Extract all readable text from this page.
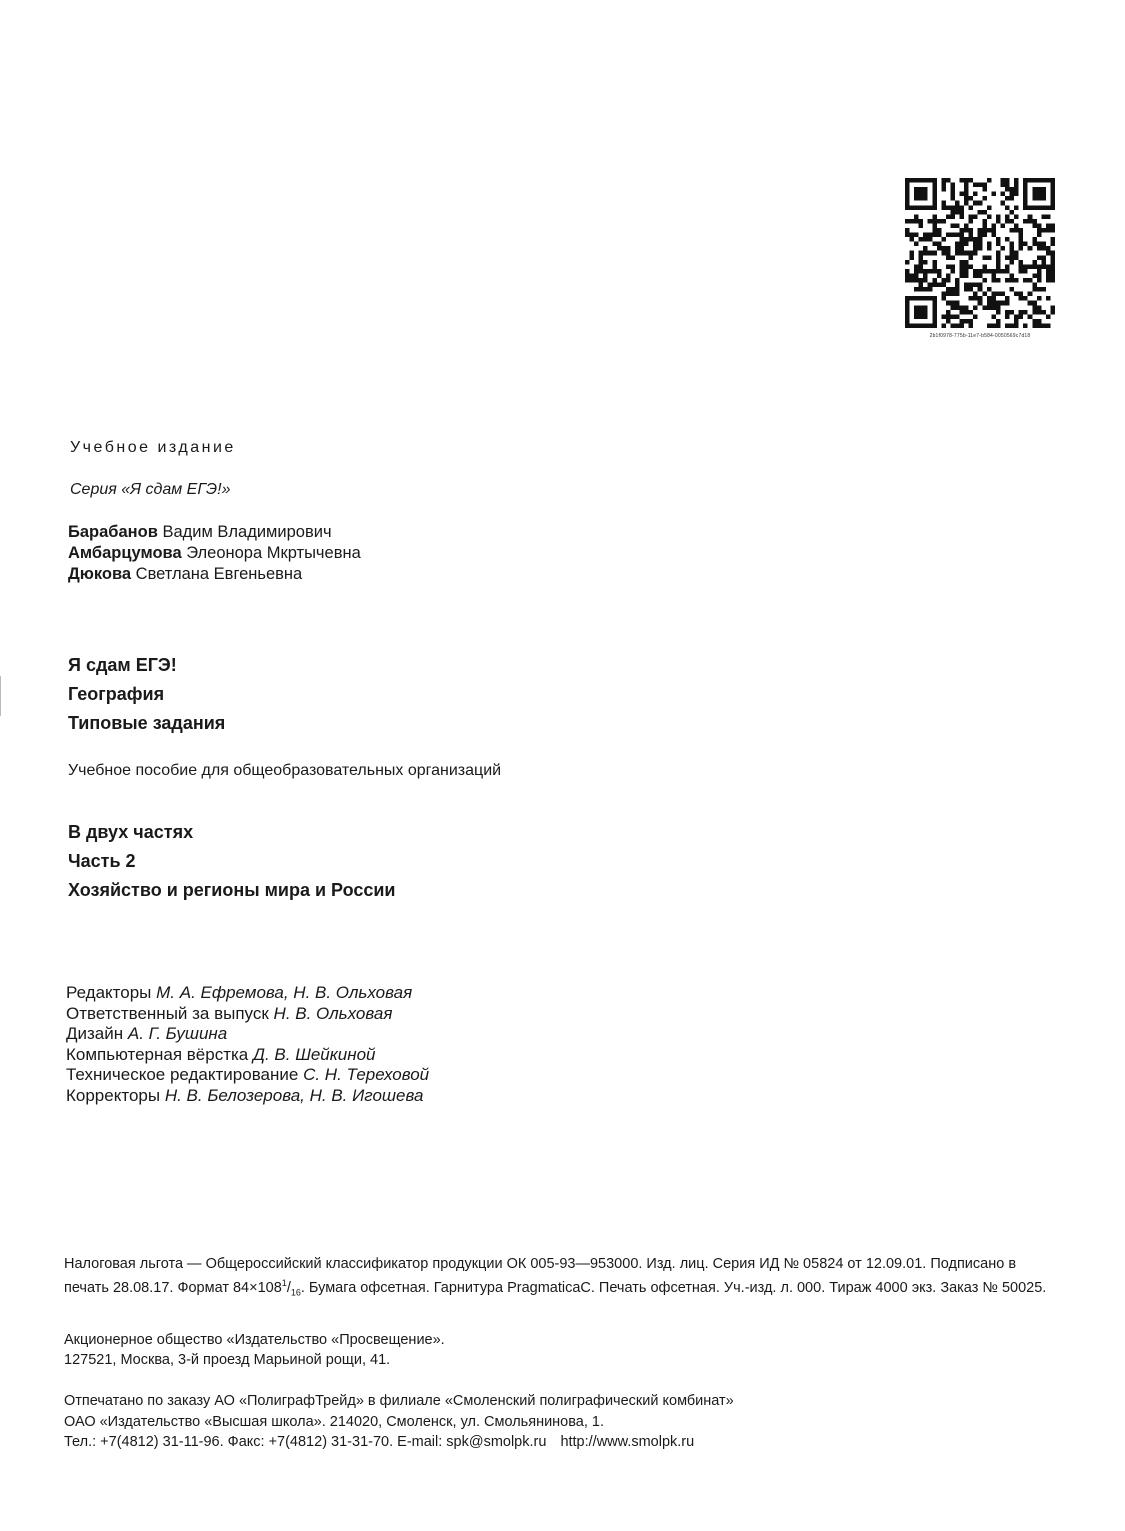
2b1f0978-775b-11e7-b584-0050569c7d18
Учебное издание
Серия «Я сдам ЕГЭ!»
Барабанов Вадим Владимирович
Амбарцумова Элеонора Мкртычевна
Дюкова Светлана Евгеньевна
Я сдам ЕГЭ!
География
Типовые задания
Учебное пособие для общеобразовательных организаций
В двух частях
Часть 2
Хозяйство и регионы мира и России
Редакторы М. А. Ефремова, Н. В. Ольховая
Ответственный за выпуск Н. В. Ольховая
Дизайн А. Г. Бушина
Компьютерная вёрстка Д. В. Шейкиной
Техническое редактирование С. Н. Тереховой
Корректоры Н. В. Белозерова, Н. В. Игошева
Налоговая льгота — Общероссийский классификатор продукции ОК 005-93—953000. Изд. лиц. Серия ИД № 05824 от 12.09.01. Подписано в печать 28.08.17. Формат $84\times 108^1/_{16}$. Бумага офсетная. Гарнитура PragmaticaC. Печать офсетная. Уч.-изд. л. 000. Тираж 4000 экз. Заказ № 50025.
Акционерное общество «Издательство «Просвещение».
127521, Москва, 3-й проезд Марьиной рощи, 41.
Отпечатано по заказу АО «ПолиграфТрейд» в филиале «Смоленский полиграфический комбинат»
ОАО «Издательство «Высшая школа». 214020, Смоленск, ул. Смольянинова, 1.
Тел.: +7(4812) 31-11-96. Факс: +7(4812) 31-31-70. E-mail: spk@smolpk.ru http://www.smolpk.ru
